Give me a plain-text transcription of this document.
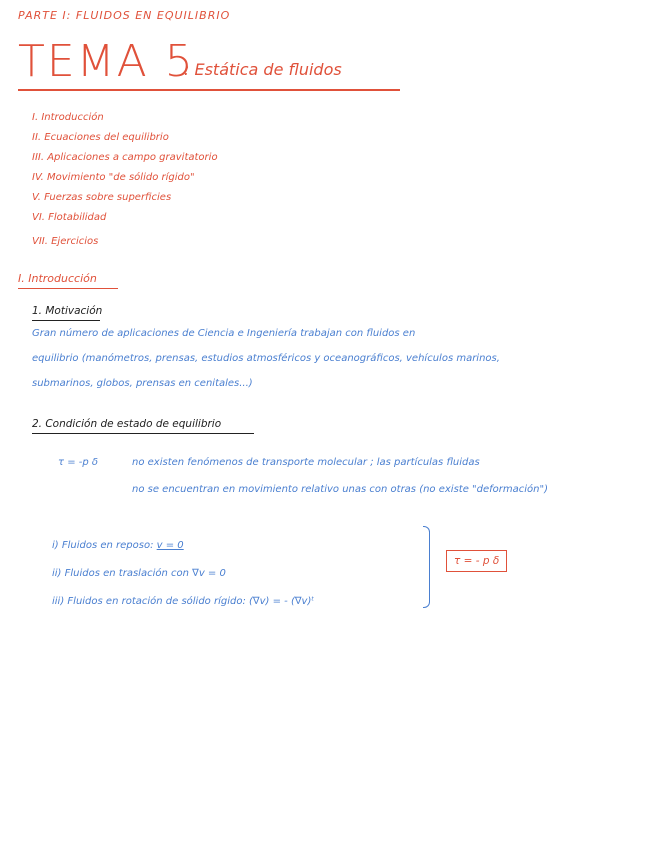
PARTE I: FLUIDOS EN EQUILIBRIO
TEMA 5
: Estática de fluidos
I. Introducción
II. Ecuaciones del equilibrio
III. Aplicaciones a campo gravitatorio
IV. Movimiento "de sólido rígido"
V. Fuerzas sobre superficies
VI. Flotabilidad
VII. Ejercicios
I. Introducción
1. Motivación
Gran número de aplicaciones de Ciencia e Ingeniería trabajan con fluidos en
equilibrio (manómetros, prensas, estudios atmosféricos y oceanográficos, vehículos marinos,
submarinos, globos, prensas en cenitales...)
2. Condición de estado de equilibrio
τ = -p δ	no existen fenómenos de transporte molecular ; las partículas fluidas
no se encuentran en movimiento relativo unas con otras (no existe "deformación")
i) Fluidos en reposo: v = 0
ii) Fluidos en traslación con ∇v = 0
iii) Fluidos en rotación de sólido rígido: (∇v) = - (∇v)ᵗ
τ = - p δ
